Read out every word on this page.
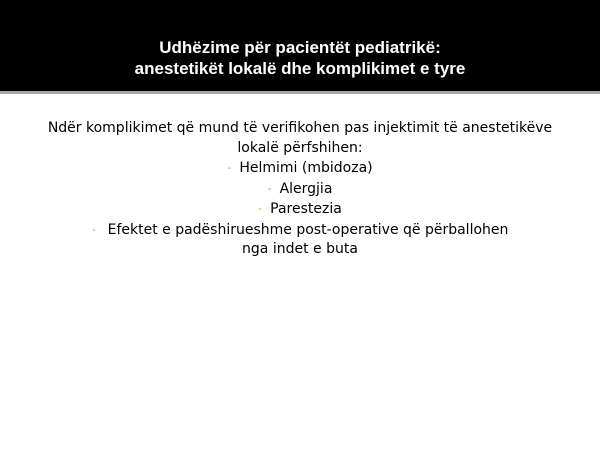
Udhëzime për pacientët pediatrikë:
anestetikët lokalë dhe komplikimet e tyre

Ndër komplikimet që mund të verifikohen pas injektimit të anestetikëve
lokalë përfshihen:

- Helmimi (mbidoza)
- Alergjia
- Parestezia
- Efektet e padëshirueshme post-operative që përballohen
nga indet e buta
